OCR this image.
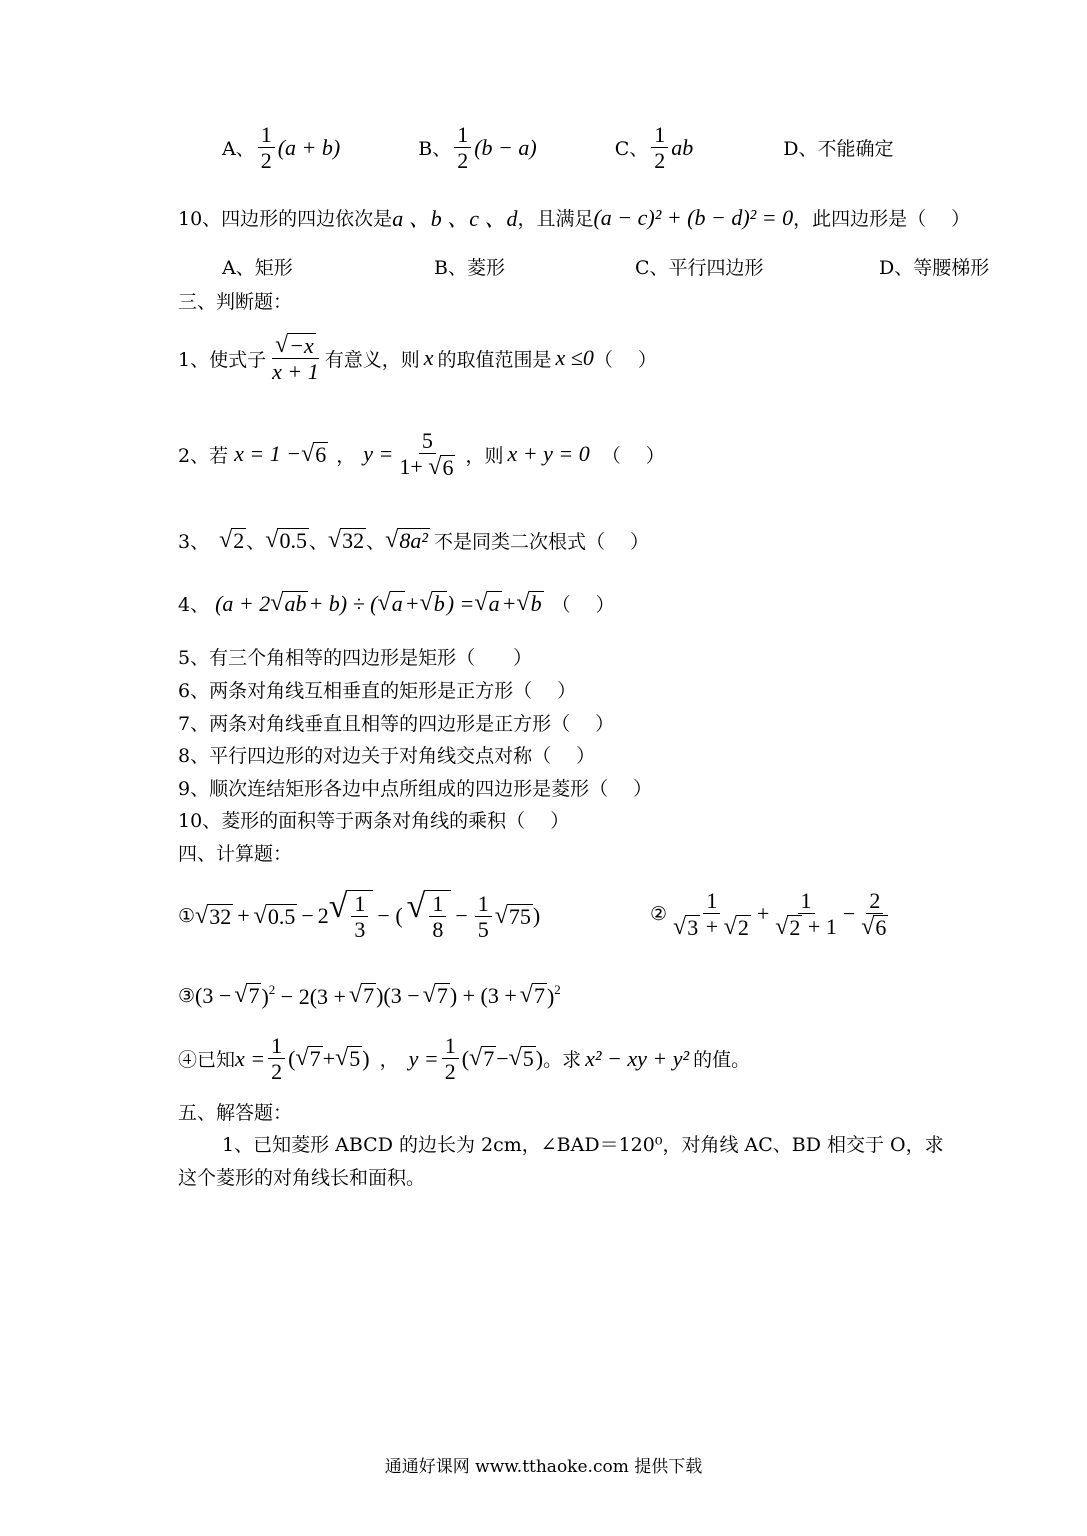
A、 $\frac{1}{2} (a + b)$	B、 $\frac{1}{2} (b - a)$	C、 $\frac{1}{2}$ ab	D、不能确定
10、四边形的四边依次是 a 、b 、c 、d ，且满足 (a − c)² + (b − d)² = 0 ，此四边形是（　 ）
A、矩形	B、菱形	C、平行四边形	D、等腰梯形
三、判断题：
1、使式子 $\frac{√ -x}{x + 1}$ 有意义，则 x 的取值范围是 x ≤0 （　 ）
2、若 x = 1 − √ 6 ， $y = \frac{5}{1+ √ 6}$ ，则 x + y = 0 （　 ）
3、 √ 2 、 √ 0.5 、 √ 32 、 √ 8a² 不是同类二次根式（　 ）
4、 (a + 2 √ ab + b) ÷ ( √ a + √ b ) = √ a + √ b （　 ）
5、有三个角相等的四边形是矩形（　　）
6、两条对角线互相垂直的矩形是正方形（　 ）
7、两条对角线垂直且相等的四边形是正方形（　 ）
8、平行四边形的对边关于对角线交点对称（　 ）
9、顺次连结矩形各边中点所组成的四边形是菱形（　 ）
10、菱形的面积等于两条对角线的乘积（　 ）
四、计算题：
① √ 32 + √ 0.5 − 2 √ $\frac{1}{3}$ − ( √ $\frac{1}{8} - \frac{1}{5}$ √ 75 )	② $\frac{1}{√ 3 + √ 2} + \frac{1}{√ 2 + 1} - \frac{2}{√ 6}$
③ (3 − √ 7 )$^2$ − 2(3 + √ 7 )(3 − √ 7 ) + (3 + √ 7 )$^2$
④已知 $x = \frac{1}{2}$ ( √ 7 + √ 5 ) ， $y = \frac{1}{2}$ ( √ 7 − √ 5 ) 。求 x² − xy + y² 的值。
五、解答题：
1、已知菱形 ABCD 的边长为 2cm，∠BAD＝120⁰，对角线 AC、BD 相交于 O，求
这个菱形的对角线长和面积。
通通好课网 www.tthaoke.com 提供下载
